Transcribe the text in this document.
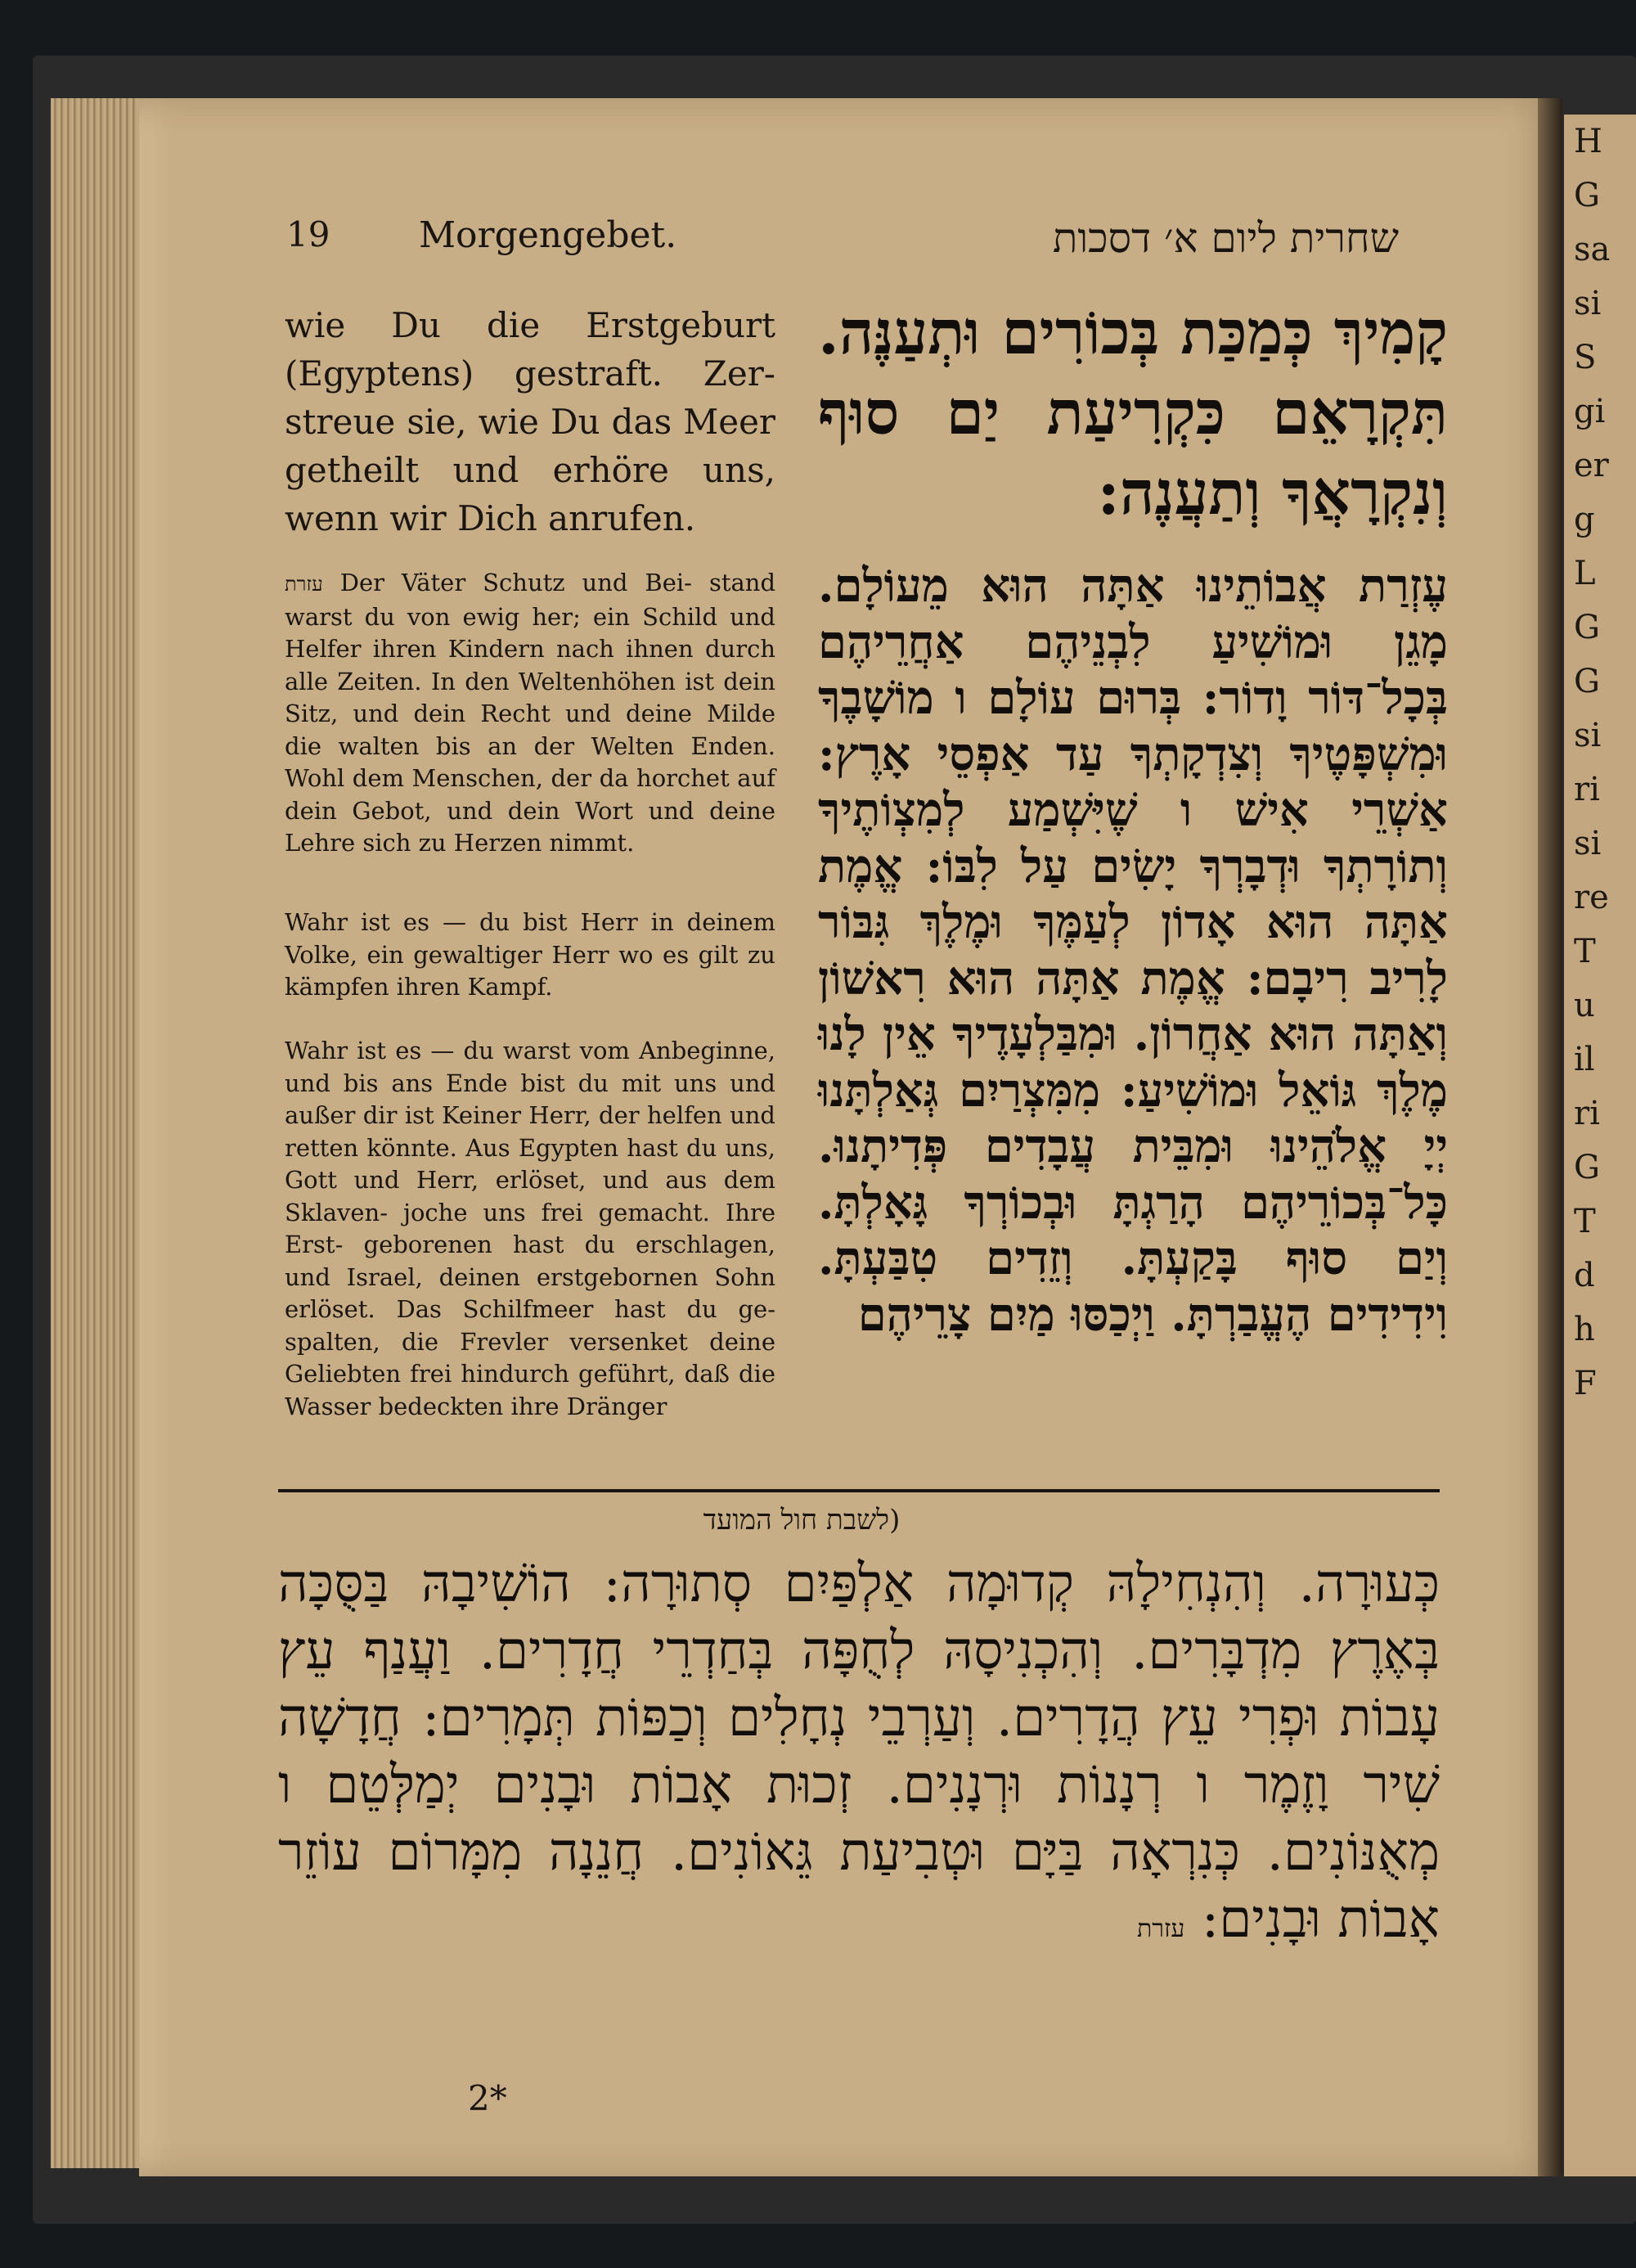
H
G
sa
si
S
gi
er
g
L
G
G
si
ri
si
re
T
u
il
ri
G
T
d
h
F
19 Morgengebet.	שחרית ליום א׳ דסכות
wie Du die Erstgeburt (Egyptens) gestraft. Zer- streue sie, wie Du das Meer getheilt und erhöre uns, wenn wir Dich anrufen.

עזרת Der Väter Schutz und Bei- stand warst du von ewig her; ein Schild und Helfer ihren Kindern nach ihnen durch alle Zeiten. In den Weltenhöhen ist dein Sitz, und dein Recht und deine Milde die walten bis an der Welten Enden. Wohl dem Menschen, der da horchet auf dein Gebot, und dein Wort und deine Lehre sich zu Herzen nimmt.

Wahr ist es — du bist Herr in deinem Volke, ein gewaltiger Herr wo es gilt zu kämpfen ihren Kampf.

Wahr ist es — du warst vom Anbeginne, und bis ans Ende bist du mit uns und außer dir ist Keiner Herr, der helfen und retten könnte. Aus Egypten hast du uns, Gott und Herr, erlöset, und aus dem Sklaven- joche uns frei gemacht. Ihre Erst- geborenen hast du erschlagen, und Israel, deinen erstgebornen Sohn erlöset. Das Schilfmeer hast du ge- spalten, die Frevler versenket deine Geliebten frei hindurch geführt, daß die Wasser bedeckten ihre Dränger

קָמִיךְ כְּמַכַּת בְּכוֹרִים וּתְעַנֶּה. תִּקְרָאֵם כִּקְרִיעַת יַם סוּף וְנִקְרָאֲךָ וְתַעֲנֶה:
עֶזְרַת אֲבוֹתֵינוּ אַתָּה הוּא מֵעוֹלָם. מָגֵן וּמוֹשִׁיעַ לִבְנֵיהֶם אַחֲרֵיהֶם בְּכָל־דּוֹר וָדוֹר: בְּרוּם עוֹלָם ו מוֹשָׁבֶךָ וּמִשְׁפָּטֶיךָ וְצִדְקָתְךָ עַד אַפְסֵי אָרֶץ: אַשְׁרֵי אִישׁ ו שֶׁיִּשְׁמַע לְמִצְוֹתֶיךָ וְתוֹרָתְךָ וּדְבָרְךָ יָשִׂים עַל לִבּוֹ: אֱמֶת אַתָּה הוּא אָדוֹן לְעַמֶּךָ וּמֶלֶךְ גִּבּוֹר לָרִיב רִיבָם: אֱמֶת אַתָּה הוּא רִאשׁוֹן וְאַתָּה הוּא אַחֲרוֹן. וּמִבַּלְעָדֶיךָ אֵין לָנוּ מֶלֶךְ גּוֹאֵל וּמוֹשִׁיעַ: מִמִּצְרַיִם גְּאַלְתָּנוּ יְיָ אֱלֹהֵינוּ וּמִבֵּית עֲבָדִים פְּדִיתָנוּ. כָּל־בְּכוֹרֵיהֶם הָרַגְתָּ וּבְכוֹרְךָ גָּאָלְתָּ. וְיַם סוּף בָּקַעְתָּ. וְזֵדִים טִבַּעְתָּ. וִידִידִים הֶעֱבַרְתָּ. וַיְכַסּוּ מַיִם צָרֵיהֶם
(לשבת חול המועד
כְּעוּרָה. וְהִנְחִילָהּ קְדוּמָה אַלְפַּיִם סְתוּרָה: הוֹשִׁיבָהּ בַּסֻּכָּה בְּאֶרֶץ מִדְבָּרִים. וְהִכְנִיסָהּ לְחֻפָּה בְּחַדְרֵי חֲדָרִים. וַעֲנַף עֵץ עָבוֹת וּפְרִי עֵץ הֲדָרִים. וְעַרְבֵי נְחָלִים וְכַפּוֹת תְּמָרִים: חֲדָשָׁה שִׁיר וָזֶמֶר ו רְנָנוֹת וּרְנָנִים. זְכוּת אָבוֹת וּבָנִים יְמַלְּטֵם ו מְאֻנּוֹנִים. כְּנִרְאָה בַּיָּם וּטְבִיעַת גֵּאוֹנִים. חֲנֵנָה מִמָּרוֹם עוֹזֵר אָבוֹת וּבָנִים: עזרת
2*
